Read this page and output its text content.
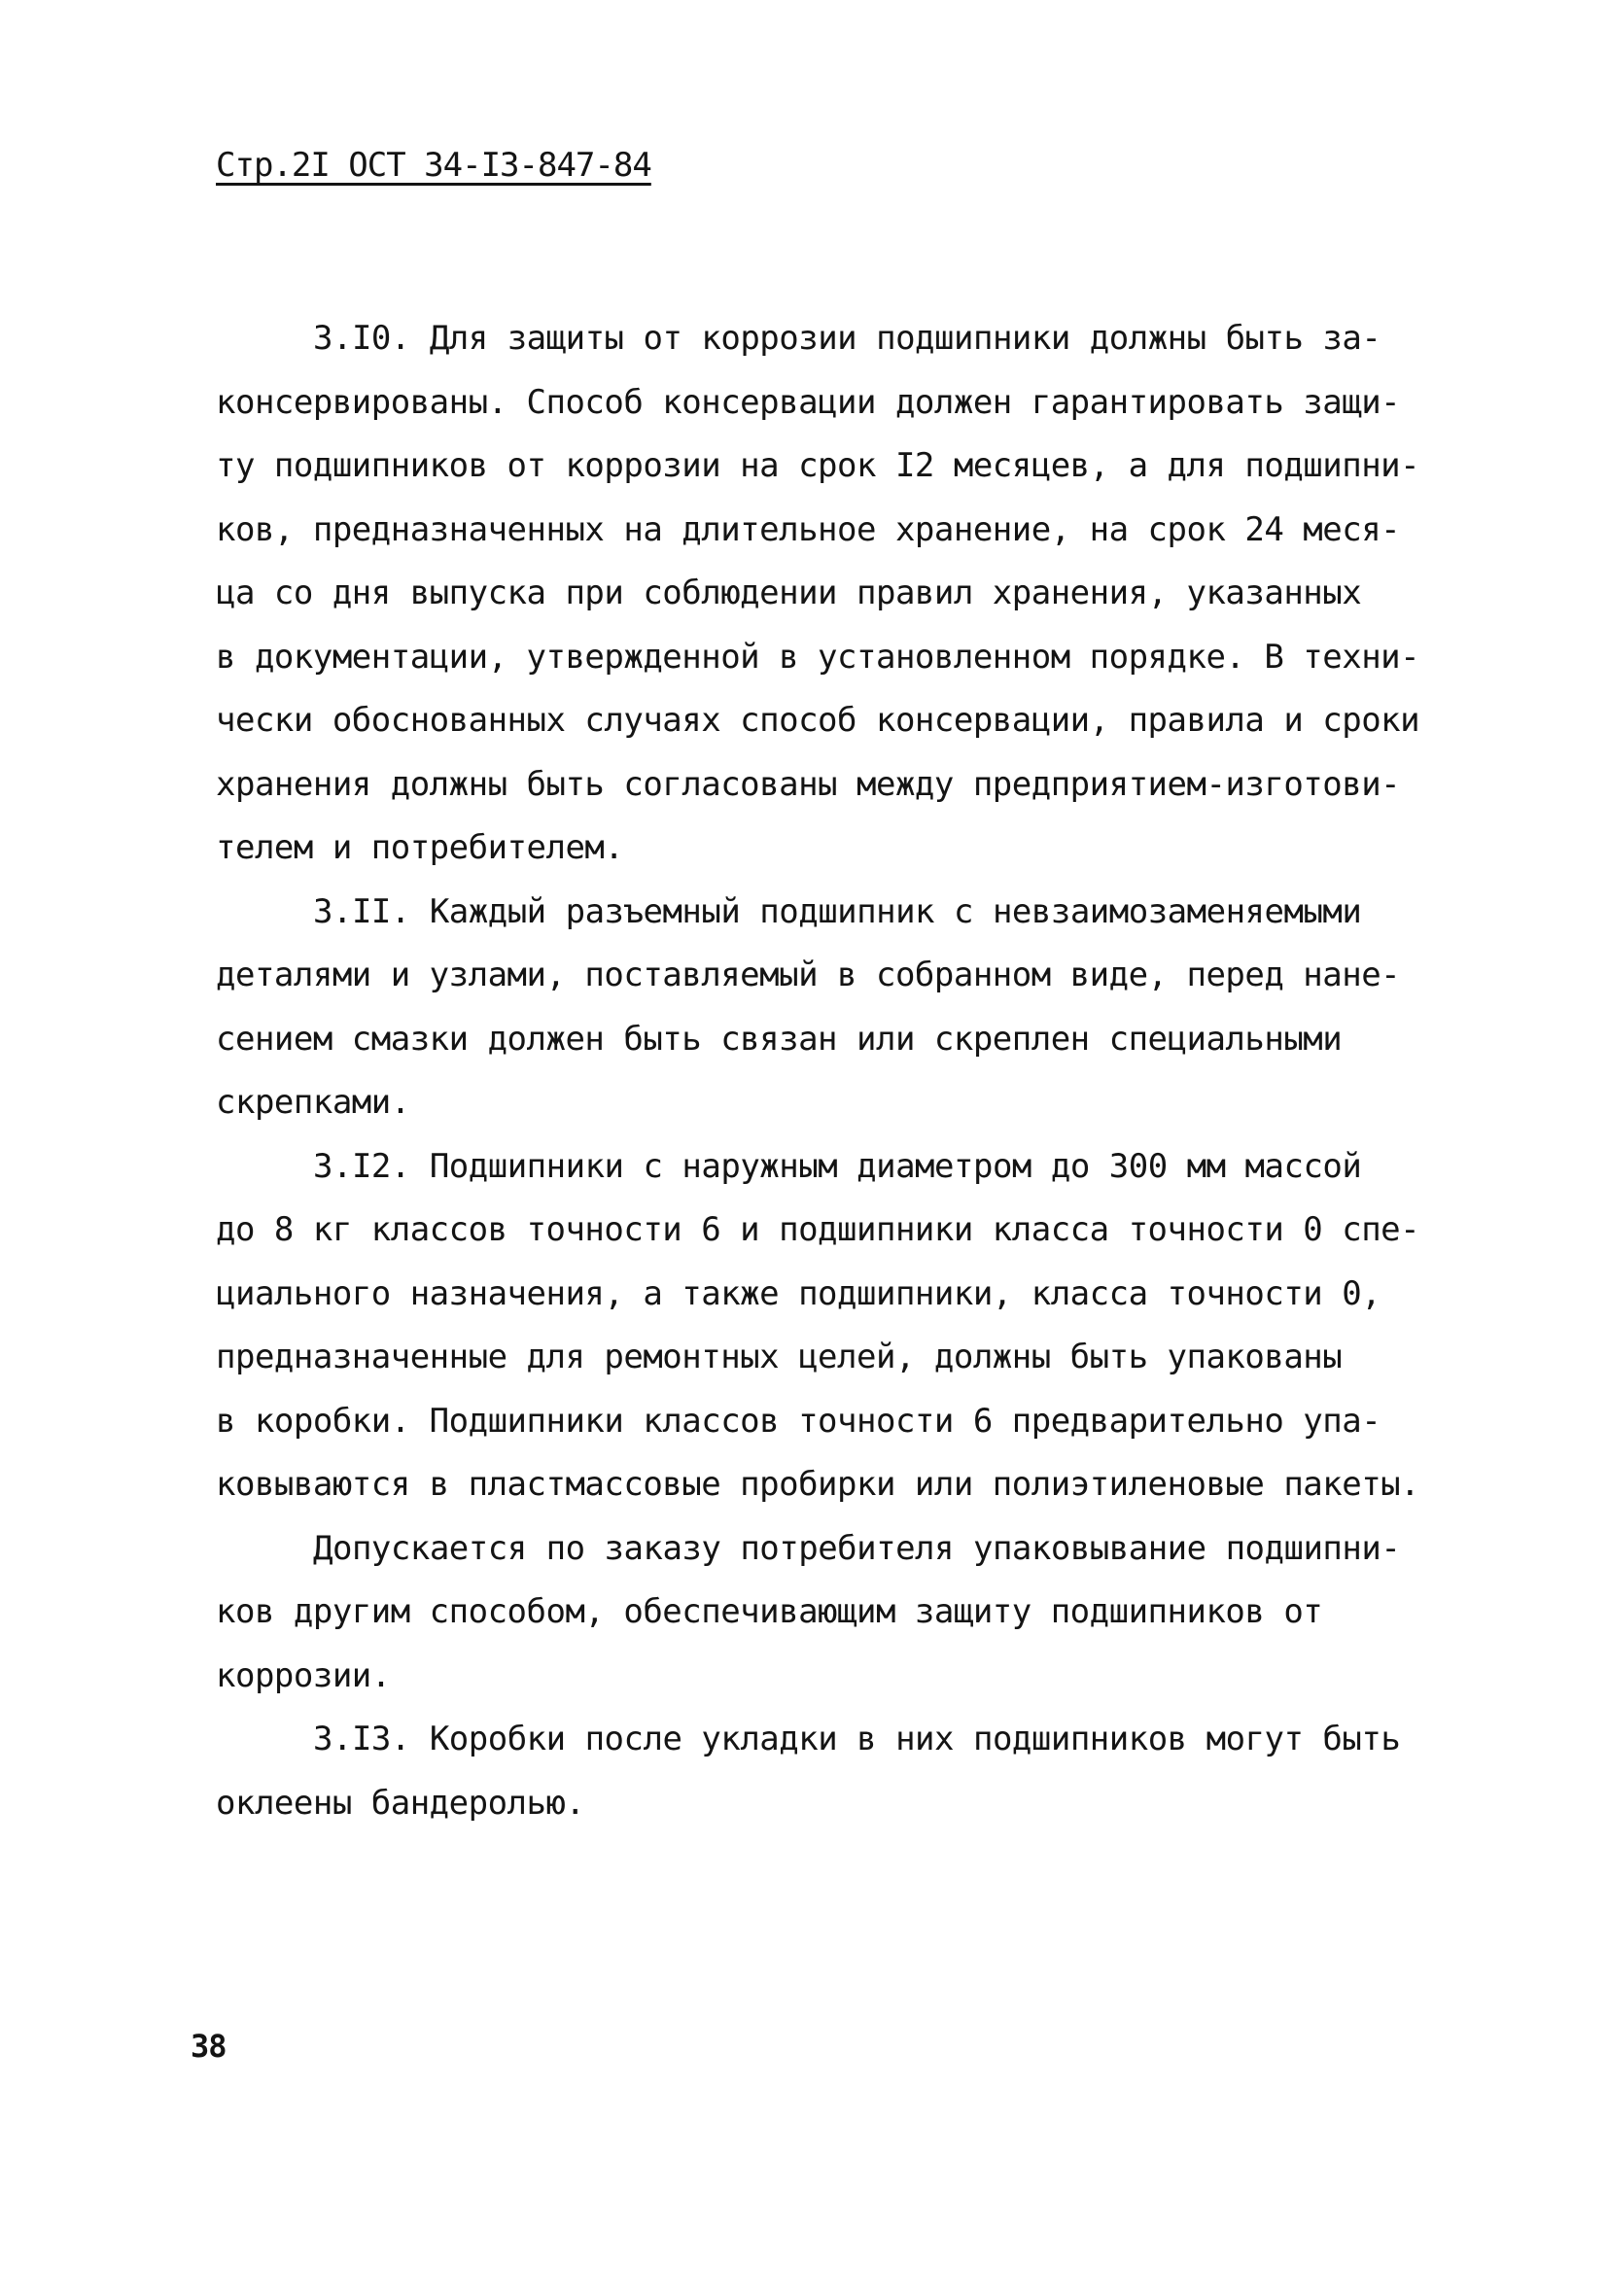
Стр.2I ОСТ 34-I3-847-84
3.I0. Для защиты от коррозии подшипники должны быть за-
консервированы. Способ консервации должен гарантировать защи-
ту подшипников от коррозии на срок I2 месяцев, а для подшипни-
ков, предназначенных на длительное хранение, на срок 24 меся-
ца со дня выпуска при соблюдении правил хранения, указанных
в документации, утвержденной в установленном порядке. В техни-
чески обоснованных случаях способ консервации, правила и сроки
хранения должны быть согласованы между предприятием-изготови-
телем и потребителем.
3.II. Каждый разъемный подшипник с невзаимозаменяемыми
деталями и узлами, поставляемый в собранном виде, перед нане-
сением смазки должен быть связан или скреплен специальными
скрепками.
3.I2. Подшипники с наружным диаметром до 300 мм массой
до 8 кг классов точности 6 и подшипники класса точности 0 спе-
циального назначения, а также подшипники, класса точности 0,
предназначенные для ремонтных целей, должны быть упакованы
в коробки. Подшипники классов точности 6 предварительно упа-
ковываются в пластмассовые пробирки или полиэтиленовые пакеты.
Допускается по заказу потребителя упаковывание подшипни-
ков другим способом, обеспечивающим защиту подшипников от
коррозии.
3.I3. Коробки после укладки в них подшипников могут быть
оклеены бандеролью.
38
